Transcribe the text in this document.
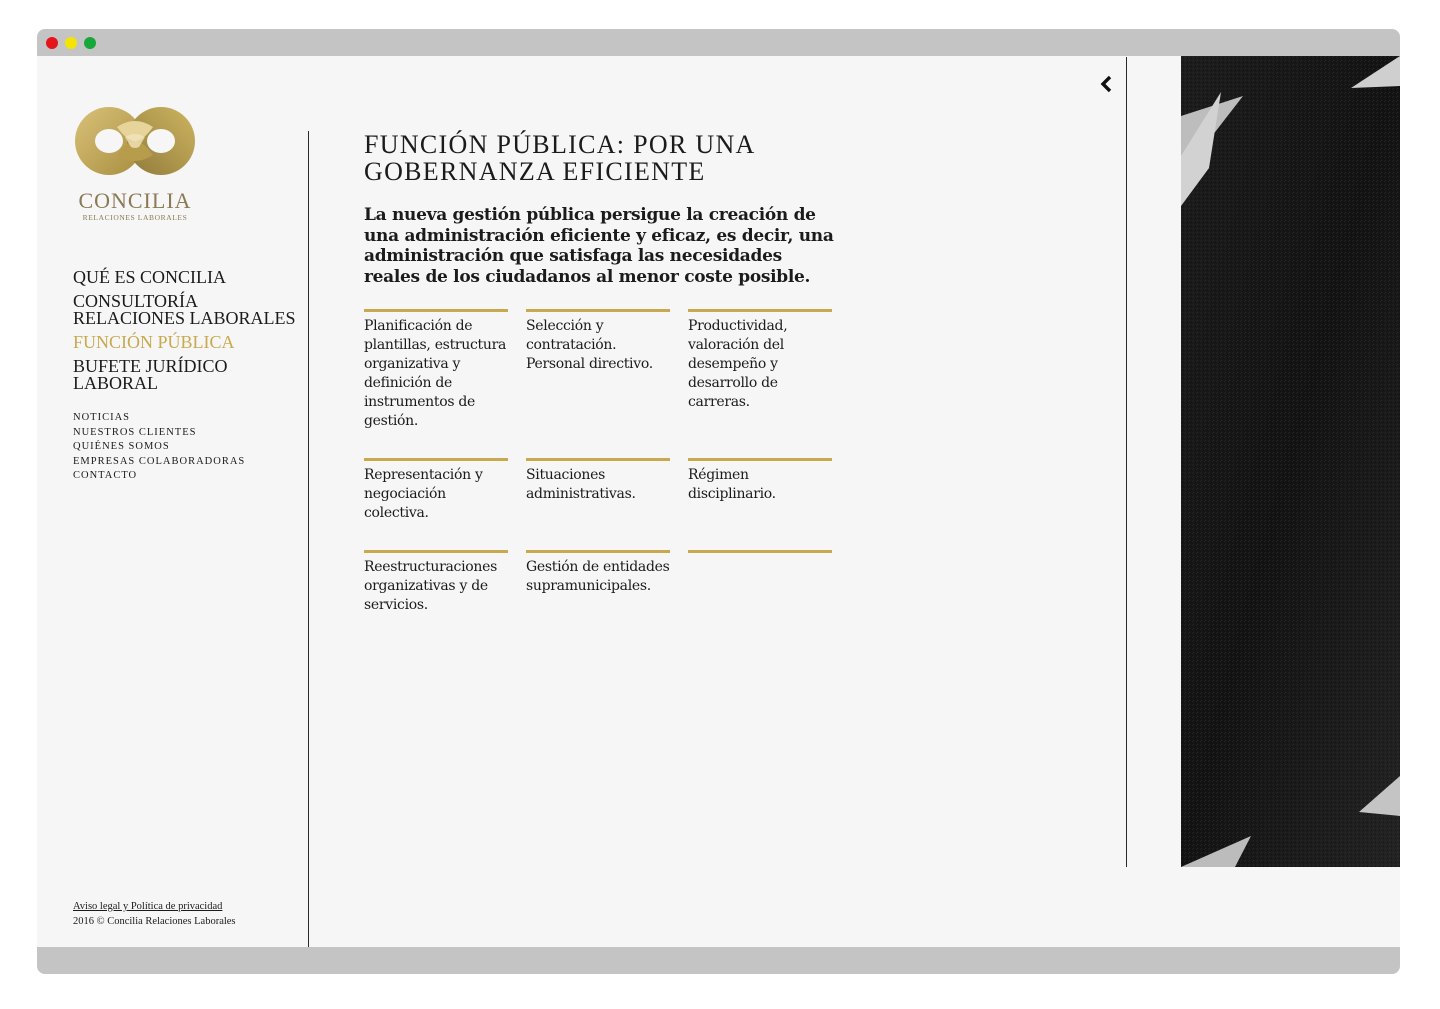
CONCILIA
RELACIONES LABORALES
QUÉ ES CONCILIA
CONSULTORÍA RELACIONES LABORALES
FUNCIÓN PÚBLICA
BUFETE JURÍDICO LABORAL
NOTICIAS
NUESTROS CLIENTES
QUIÉNES SOMOS
EMPRESAS COLABORADORAS
CONTACTO
Aviso legal y Política de privacidad
2016 © Concilia Relaciones Laborales
FUNCIÓN PÚBLICA: POR UNA GOBERNANZA EFICIENTE

La nueva gestión pública persigue la creación de una administración eficiente y eficaz, es decir, una administración que satisfaga las necesidades reales de los ciudadanos al menor coste posible.

Planificación de plantillas, estructura organizativa y definición de instrumentos de gestión.
Selección y contratación. Personal directivo.
Productividad, valoración del desempeño y desarrollo de carreras.
Representación y negociación colectiva.
Situaciones administrativas.
Régimen disciplinario.
Reestructuraciones organizativas y de servicios.
Gestión de entidades supramunicipales.
